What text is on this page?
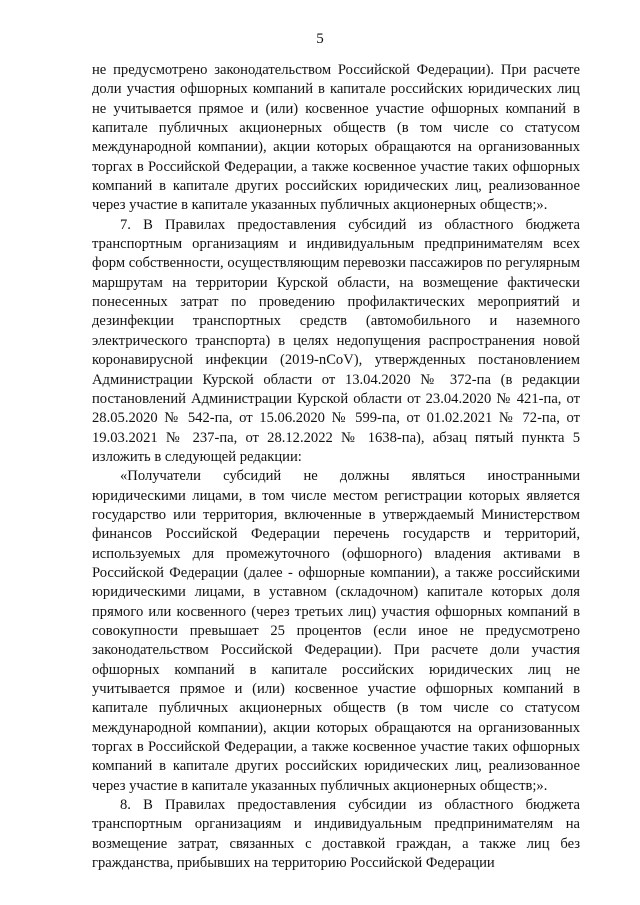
5

не предусмотрено законодательством Российской Федерации). При расчете доли участия офшорных компаний в капитале российских юридических лиц не учитывается прямое и (или) косвенное участие офшорных компаний в капитале публичных акционерных обществ (в том числе со статусом международной компании), акции которых обращаются на организованных торгах в Российской Федерации, а также косвенное участие таких офшорных компаний в капитале других российских юридических лиц, реализованное через участие в капитале указанных публичных акционерных обществ;».

7. В Правилах предоставления субсидий из областного бюджета транспортным организациям и индивидуальным предпринимателям всех форм собственности, осуществляющим перевозки пассажиров по регулярным маршрутам на территории Курской области, на возмещение фактически понесенных затрат по проведению профилактических мероприятий и дезинфекции транспортных средств (автомобильного и наземного электрического транспорта) в целях недопущения распространения новой коронавирусной инфекции (2019-nCoV), утвержденных постановлением Администрации Курской области от 13.04.2020 № 372-па (в редакции постановлений Администрации Курской области от 23.04.2020 № 421-па, от 28.05.2020 № 542-па, от 15.06.2020 № 599-па, от 01.02.2021 № 72-па, от 19.03.2021 № 237-па, от 28.12.2022 № 1638-па), абзац пятый пункта 5 изложить в следующей редакции:

«Получатели субсидий не должны являться иностранными юридическими лицами, в том числе местом регистрации которых является государство или территория, включенные в утверждаемый Министерством финансов Российской Федерации перечень государств и территорий, используемых для промежуточного (офшорного) владения активами в Российской Федерации (далее - офшорные компании), а также российскими юридическими лицами, в уставном (складочном) капитале которых доля прямого или косвенного (через третьих лиц) участия офшорных компаний в совокупности превышает 25 процентов (если иное не предусмотрено законодательством Российской Федерации). При расчете доли участия офшорных компаний в капитале российских юридических лиц не учитывается прямое и (или) косвенное участие офшорных компаний в капитале публичных акционерных обществ (в том числе со статусом международной компании), акции которых обращаются на организованных торгах в Российской Федерации, а также косвенное участие таких офшорных компаний в капитале других российских юридических лиц, реализованное через участие в капитале указанных публичных акционерных обществ;».

8. В Правилах предоставления субсидии из областного бюджета транспортным организациям и индивидуальным предпринимателям на возмещение затрат, связанных с доставкой граждан, а также лиц без гражданства, прибывших на территорию Российской Федерации
